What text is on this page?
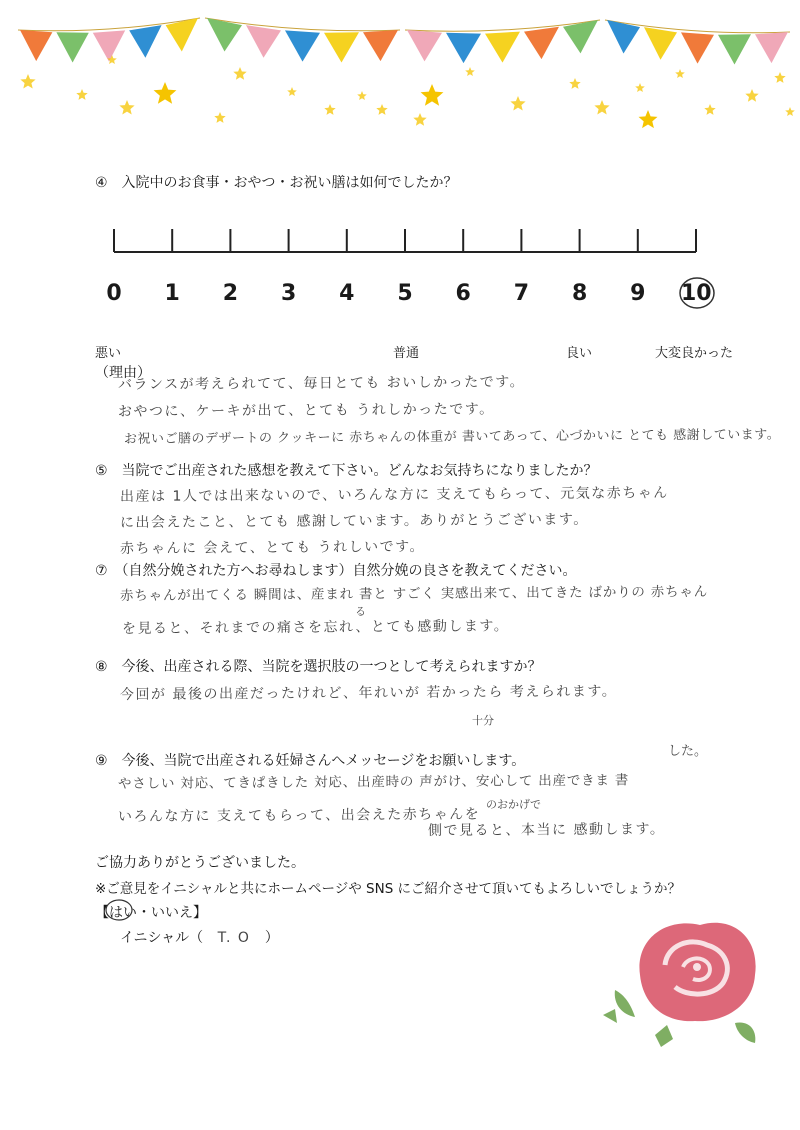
④　入院中のお食事・おやつ・お祝い膳は如何でしたか？
0	1	2	3	4	5	6	7	8	9	10
悪い	普通	良い	大変良かった
（理由）
バランスが考えられてて、毎日とても おいしかったです。
おやつに、ケーキが出て、とても うれしかったです。
お祝いご膳のデザートの クッキーに 赤ちゃんの体重が 書いてあって、心づかいに とても 感謝しています。
⑤　当院でご出産された感想を教えて下さい。どんなお気持ちになりましたか？
出産は 1人では出来ないので、いろんな方に 支えてもらって、元気な赤ちゃん
に出会えたこと、とても 感謝しています。ありがとうございます。
赤ちゃんに 会えて、とても うれしいです。
⑦　（自然分娩された方へお尋ねします）自然分娩の良さを教えてください。
赤ちゃんが出てくる 瞬間は、産まれ 書と すごく 実感出来て、出てきた ばかりの 赤ちゃん
る
を見ると、それまでの痛さを忘れ、とても感動します。
⑧　今後、出産される際、当院を選択肢の一つとして考えられますか？
今回が 最後の出産だったけれど、年れいが 若かったら 考えられます。
十分
⑨　今後、当院で出産される妊婦さんへメッセージをお願いします。
した。
やさしい 対応、てきぱきした 対応、出産時の 声がけ、安心して 出産できま 書
のおかげで
いろんな方に 支えてもらって、出会えた赤ちゃんを
側で見ると、本当に 感動します。
ご協力ありがとうございました。
※ご意見をイニシャルと共にホームページや SNS にご紹介させて頂いてもよろしいでしょうか？
【はい・いいえ】
イニシャル（ T. O ）
